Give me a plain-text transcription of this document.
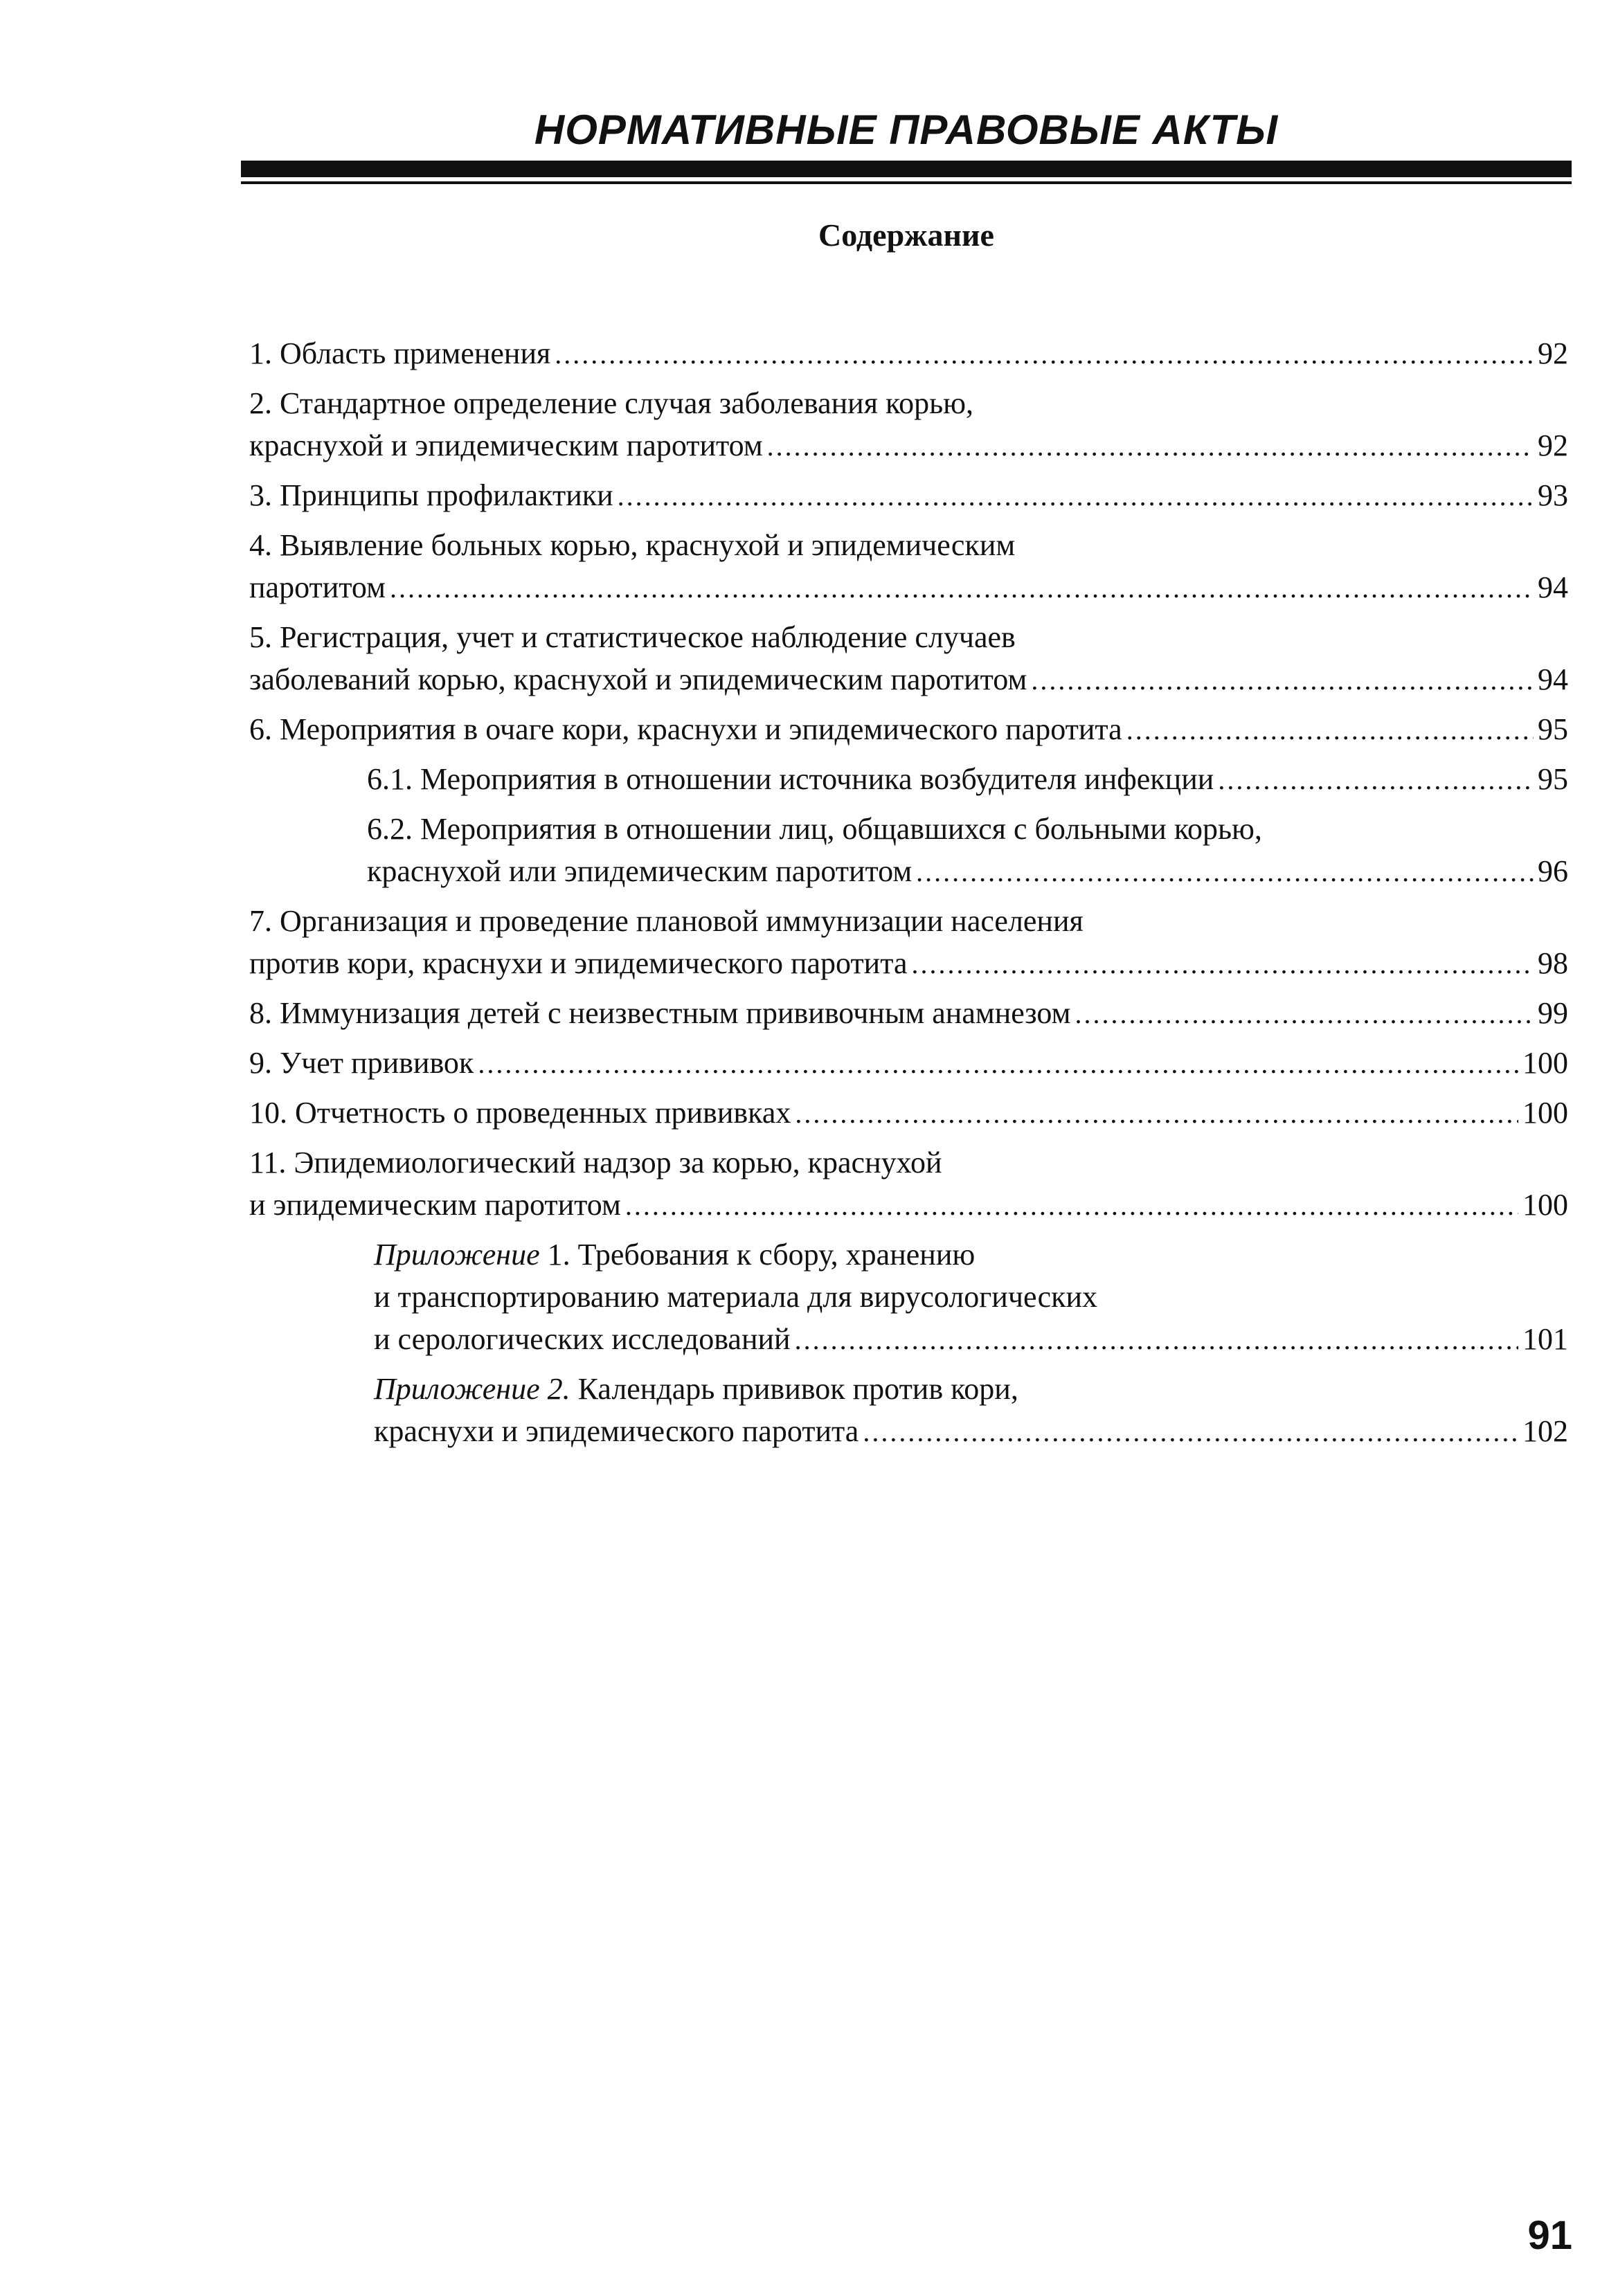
НОРМАТИВНЫЕ ПРАВОВЫЕ АКТЫ
Содержание
1. Область применения .....	92
2. Стандартное определение случая заболевания корью,
краснухой и эпидемическим паротитом .....	92
3. Принципы профилактики .....	93
4. Выявление больных корью, краснухой и эпидемическим
паротитом .....	94
5. Регистрация, учет и статистическое наблюдение случаев
заболеваний корью, краснухой и эпидемическим паротитом .....	94
6. Мероприятия в очаге кори, краснухи и эпидемического паротита .....	95
6.1. Мероприятия в отношении источника возбудителя инфекции .....	95
6.2. Мероприятия в отношении лиц, общавшихся с больными корью,
краснухой или эпидемическим паротитом .....	96
7. Организация и проведение плановой иммунизации населения
против кори, краснухи и эпидемического паротита .....	98
8. Иммунизация детей с неизвестным прививочным анамнезом .....	99
9. Учет прививок .....	100
10. Отчетность о проведенных прививках .....	100
11. Эпидемиологический надзор за корью, краснухой
и эпидемическим паротитом .....	100
Приложение 1. Требования к сбору, хранению
и транспортированию материала для вирусологических
и серологических исследований .....	101
Приложение 2. Календарь прививок против кори,
краснухи и эпидемического паротита .....	102
91
